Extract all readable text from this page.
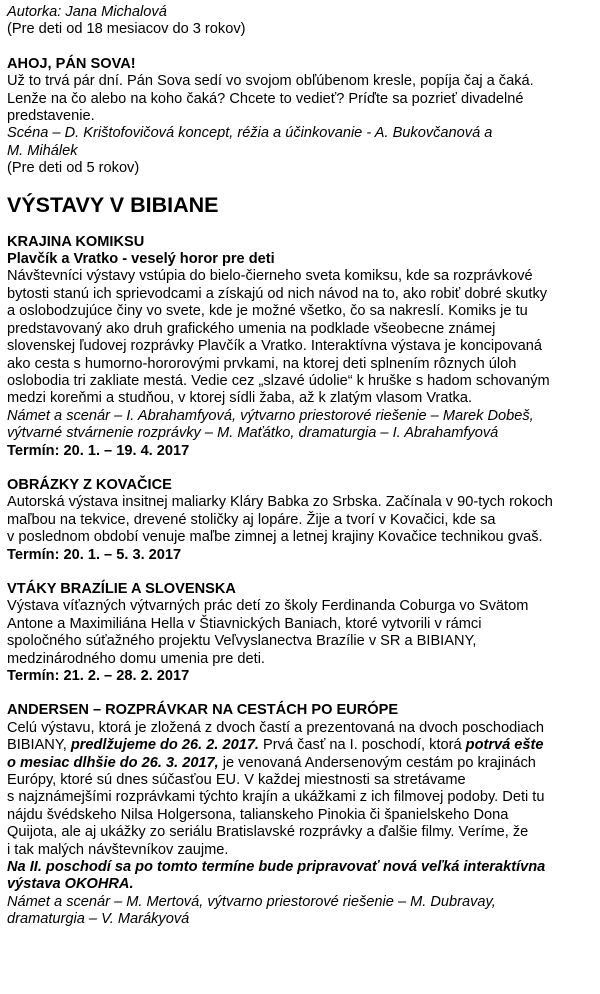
Autorka: Jana Michalová

(Pre deti od 18 mesiacov do 3 rokov)

AHOJ, PÁN SOVA!

Už to trvá pár dní. Pán Sova sedí vo svojom obľúbenom kresle, popíja čaj a čaká.

Lenže na čo alebo na koho čaká? Chcete to vedieť? Príďte sa pozrieť divadelné

predstavenie.

Scéna – D. Krištofovičová koncept, réžia a účinkovanie - A. Bukovčanová a

M. Mihálek

(Pre deti od 5 rokov)

VÝSTAVY V BIBIANE

KRAJINA KOMIKSU

Plavčík a Vratko - veselý horor pre deti

Návštevníci výstavy vstúpia do bielo-čierneho sveta komiksu, kde sa rozprávkové

bytosti stanú ich sprievodcami a získajú od nich návod na to, ako robiť dobré skutky

a oslobodzujúce činy vo svete, kde je možné všetko, čo sa nakreslí. Komiks je tu

predstavovaný ako druh grafického umenia na podklade všeobecne známej

slovenskej ľudovej rozprávky Plavčík a Vratko. Interaktívna výstava je koncipovaná

ako cesta s humorno-hororovými prvkami, na ktorej deti splnením rôznych úloh

oslobodia tri zakliate mestá. Vedie cez „slzavé údolie“ k hruške s hadom schovaným

medzi koreňmi a studňou, v ktorej sídli žaba, až k zlatým vlasom Vratka.

Námet a scenár – I. Abrahamfyová, výtvarno priestorové riešenie – Marek Dobeš,

výtvarné stvárnenie rozprávky – M. Maťátko, dramaturgia – I. Abrahamfyová

Termín: 20. 1. – 19. 4. 2017

OBRÁZKY Z KOVAČICE

Autorská výstava insitnej maliarky Kláry Babka zo Srbska. Začínala v 90-tych rokoch

maľbou na tekvice, drevené stoličky aj lopáre. Žije a tvorí v Kovačici, kde sa

v poslednom období venuje maľbe zimnej a letnej krajiny Kovačice technikou gvaš.

Termín: 20. 1. – 5. 3. 2017

VTÁKY BRAZÍLIE A SLOVENSKA

Výstava víťazných výtvarných prác detí zo školy Ferdinanda Coburga vo Svätom

Antone a Maximiliána Hella v Štiavnických Baniach, ktoré vytvorili v rámci

spoločného súťažného projektu Veľvyslanectva Brazílie v SR a BIBIANY,

medzinárodného domu umenia pre deti.

Termín: 21. 2. – 28. 2. 2017

ANDERSEN – ROZPRÁVKAR NA CESTÁCH PO EURÓPE

Celú výstavu, ktorá je zložená z dvoch častí a prezentovaná na dvoch poschodiach

BIBIANY, predlžujeme do 26. 2. 2017. Prvá časť na I. poschodí, ktorá potrvá ešte

o mesiac dlhšie do 26. 3. 2017, je venovaná Andersenovým cestám po krajinách

Európy, ktoré sú dnes súčasťou EU. V každej miestnosti sa stretávame

s najznámejšími rozprávkami týchto krajín a ukážkami z ich filmovej podoby. Deti tu

nájdu švédskeho Nilsa Holgersona, talianskeho Pinokia či španielskeho Dona

Quijota, ale aj ukážky zo seriálu Bratislavské rozprávky a ďalšie filmy. Veríme, že

i tak malých návštevníkov zaujme.

Na II. poschodí sa po tomto termíne bude pripravovať nová veľká interaktívna

výstava OKOHRA.

Námet a scenár – M. Mertová, výtvarno priestorové riešenie – M. Dubravay,

dramaturgia – V. Marákyová
